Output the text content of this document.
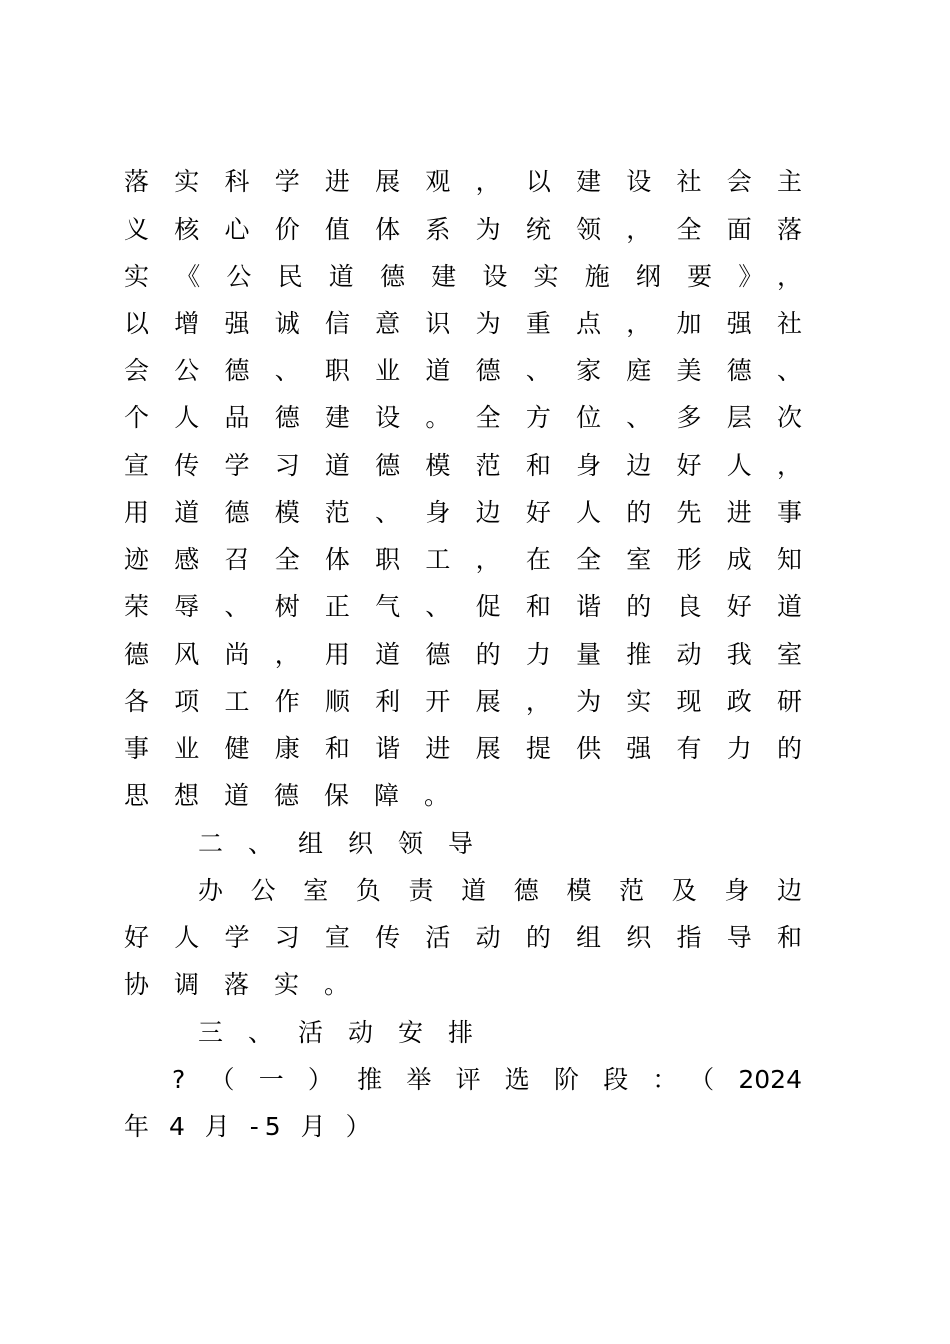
落实科学进展观，以建设社会主
义核心价值体系为统领，全面落
实《公民道德建设实施纲要》，
以增强诚信意识为重点，加强社
会公德、职业道德、家庭美德、
个人品德建设。全方位、多层次
宣传学习道德模范和身边好人，
用道德模范、身边好人的先进事
迹感召全体职工，在全室形成知
荣辱、树正气、促和谐的良好道
德风尚，用道德的力量推动我室
各项工作顺利开展，为实现政研
事业健康和谐进展提供强有力的
思想道德保障。
二、组织领导
办公室负责道德模范及身边
好人学习宣传活动的组织指导和
协调落实。
三、活动安排
?（一）推举评选阶段：（2024
年 4 月 -5 月 ）
